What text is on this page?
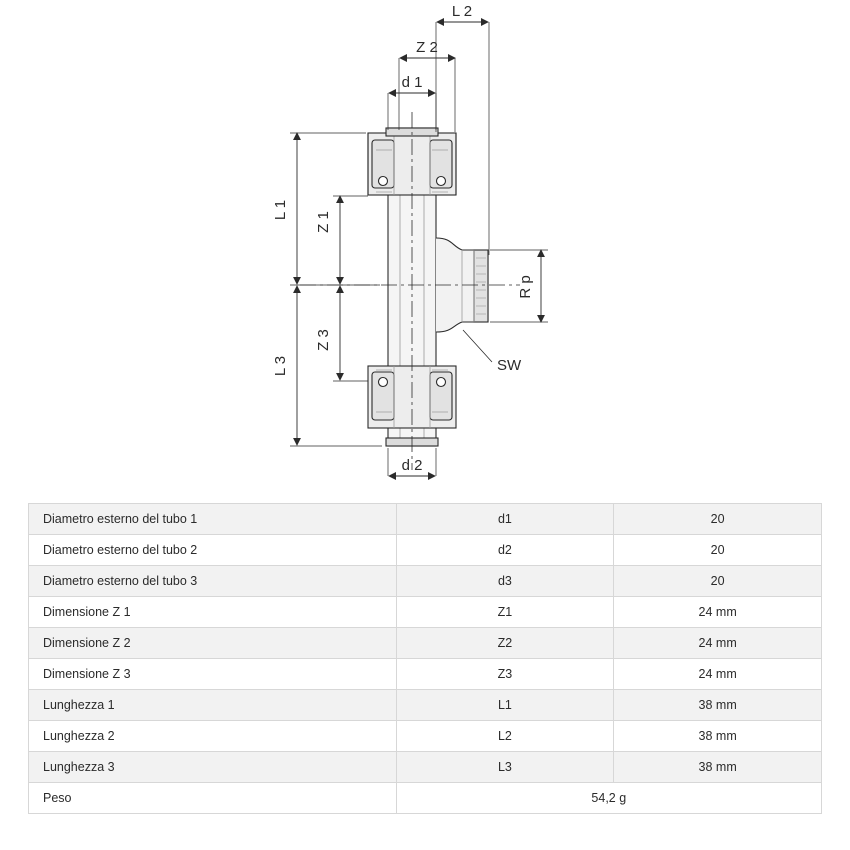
L 2
Z 2
d 1
L 1
Z 1
L 3
Z 3
R p
SW
d 2
Diametro esterno del tubo 1	d1	20
Diametro esterno del tubo 2	d2	20
Diametro esterno del tubo 3	d3	20
Dimensione Z 1	Z1	24 mm
Dimensione Z 2	Z2	24 mm
Dimensione Z 3	Z3	24 mm
Lunghezza 1	L1	38 mm
Lunghezza 2	L2	38 mm
Lunghezza 3	L3	38 mm
Peso	54,2 g	
